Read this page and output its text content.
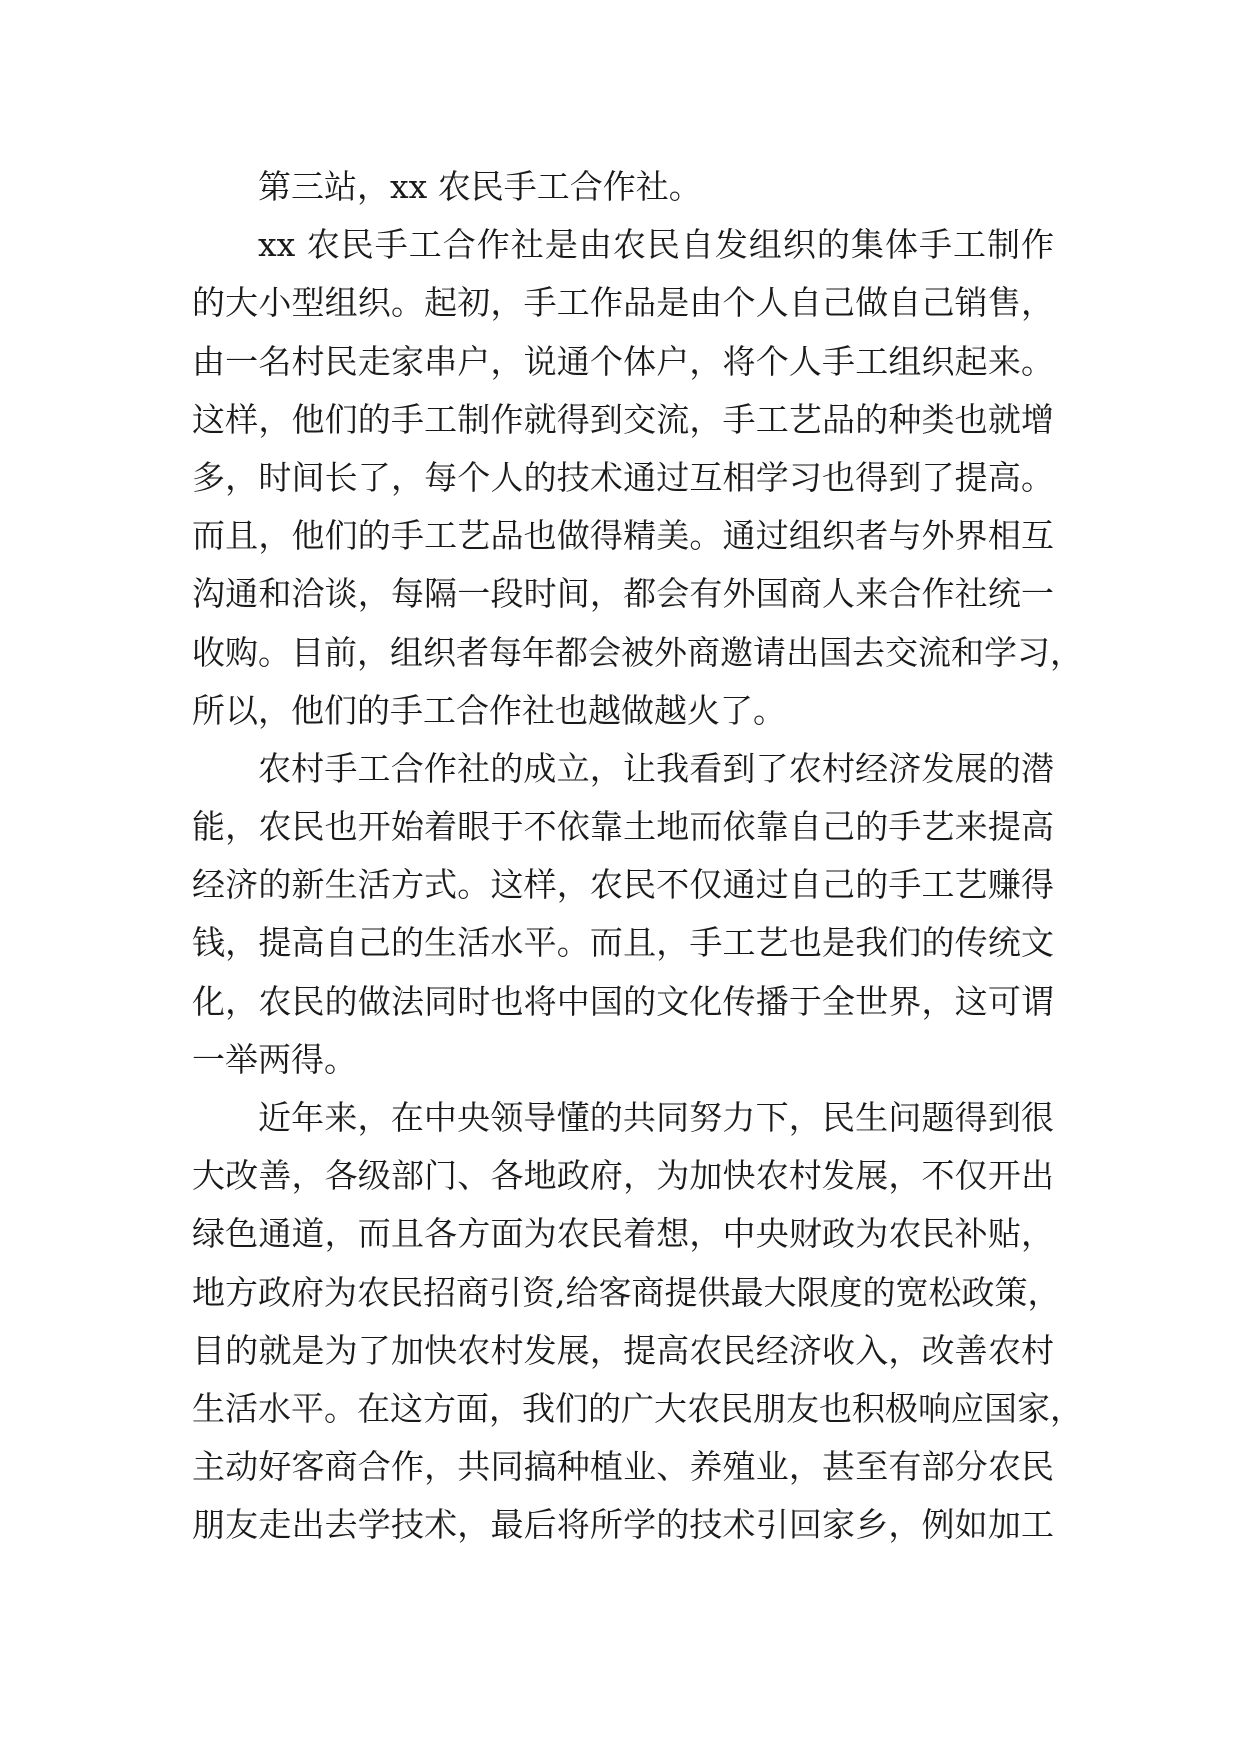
第三站，xx 农民手工合作社。
xx 农民手工合作社是由农民自发组织的集体手工制作
的大小型组织。起初，手工作品是由个人自己做自己销售，
由一名村民走家串户，说通个体户，将个人手工组织起来。
这样，他们的手工制作就得到交流，手工艺品的种类也就增
多，时间长了，每个人的技术通过互相学习也得到了提高。
而且，他们的手工艺品也做得精美。通过组织者与外界相互
沟通和洽谈，每隔一段时间，都会有外国商人来合作社统一
收购。目前，组织者每年都会被外商邀请出国去交流和学习，
所以，他们的手工合作社也越做越火了。
农村手工合作社的成立，让我看到了农村经济发展的潜
能，农民也开始着眼于不依靠土地而依靠自己的手艺来提高
经济的新生活方式。这样，农民不仅通过自己的手工艺赚得
钱，提高自己的生活水平。而且，手工艺也是我们的传统文
化，农民的做法同时也将中国的文化传播于全世界，这可谓
一举两得。
近年来，在中央领导懂的共同努力下，民生问题得到很
大改善，各级部门、各地政府，为加快农村发展，不仅开出
绿色通道，而且各方面为农民着想，中央财政为农民补贴，
地方政府为农民招商引资,给客商提供最大限度的宽松政策，
目的就是为了加快农村发展，提高农民经济收入，改善农村
生活水平。在这方面，我们的广大农民朋友也积极响应国家，
主动好客商合作，共同搞种植业、养殖业，甚至有部分农民
朋友走出去学技术，最后将所学的技术引回家乡，例如加工
